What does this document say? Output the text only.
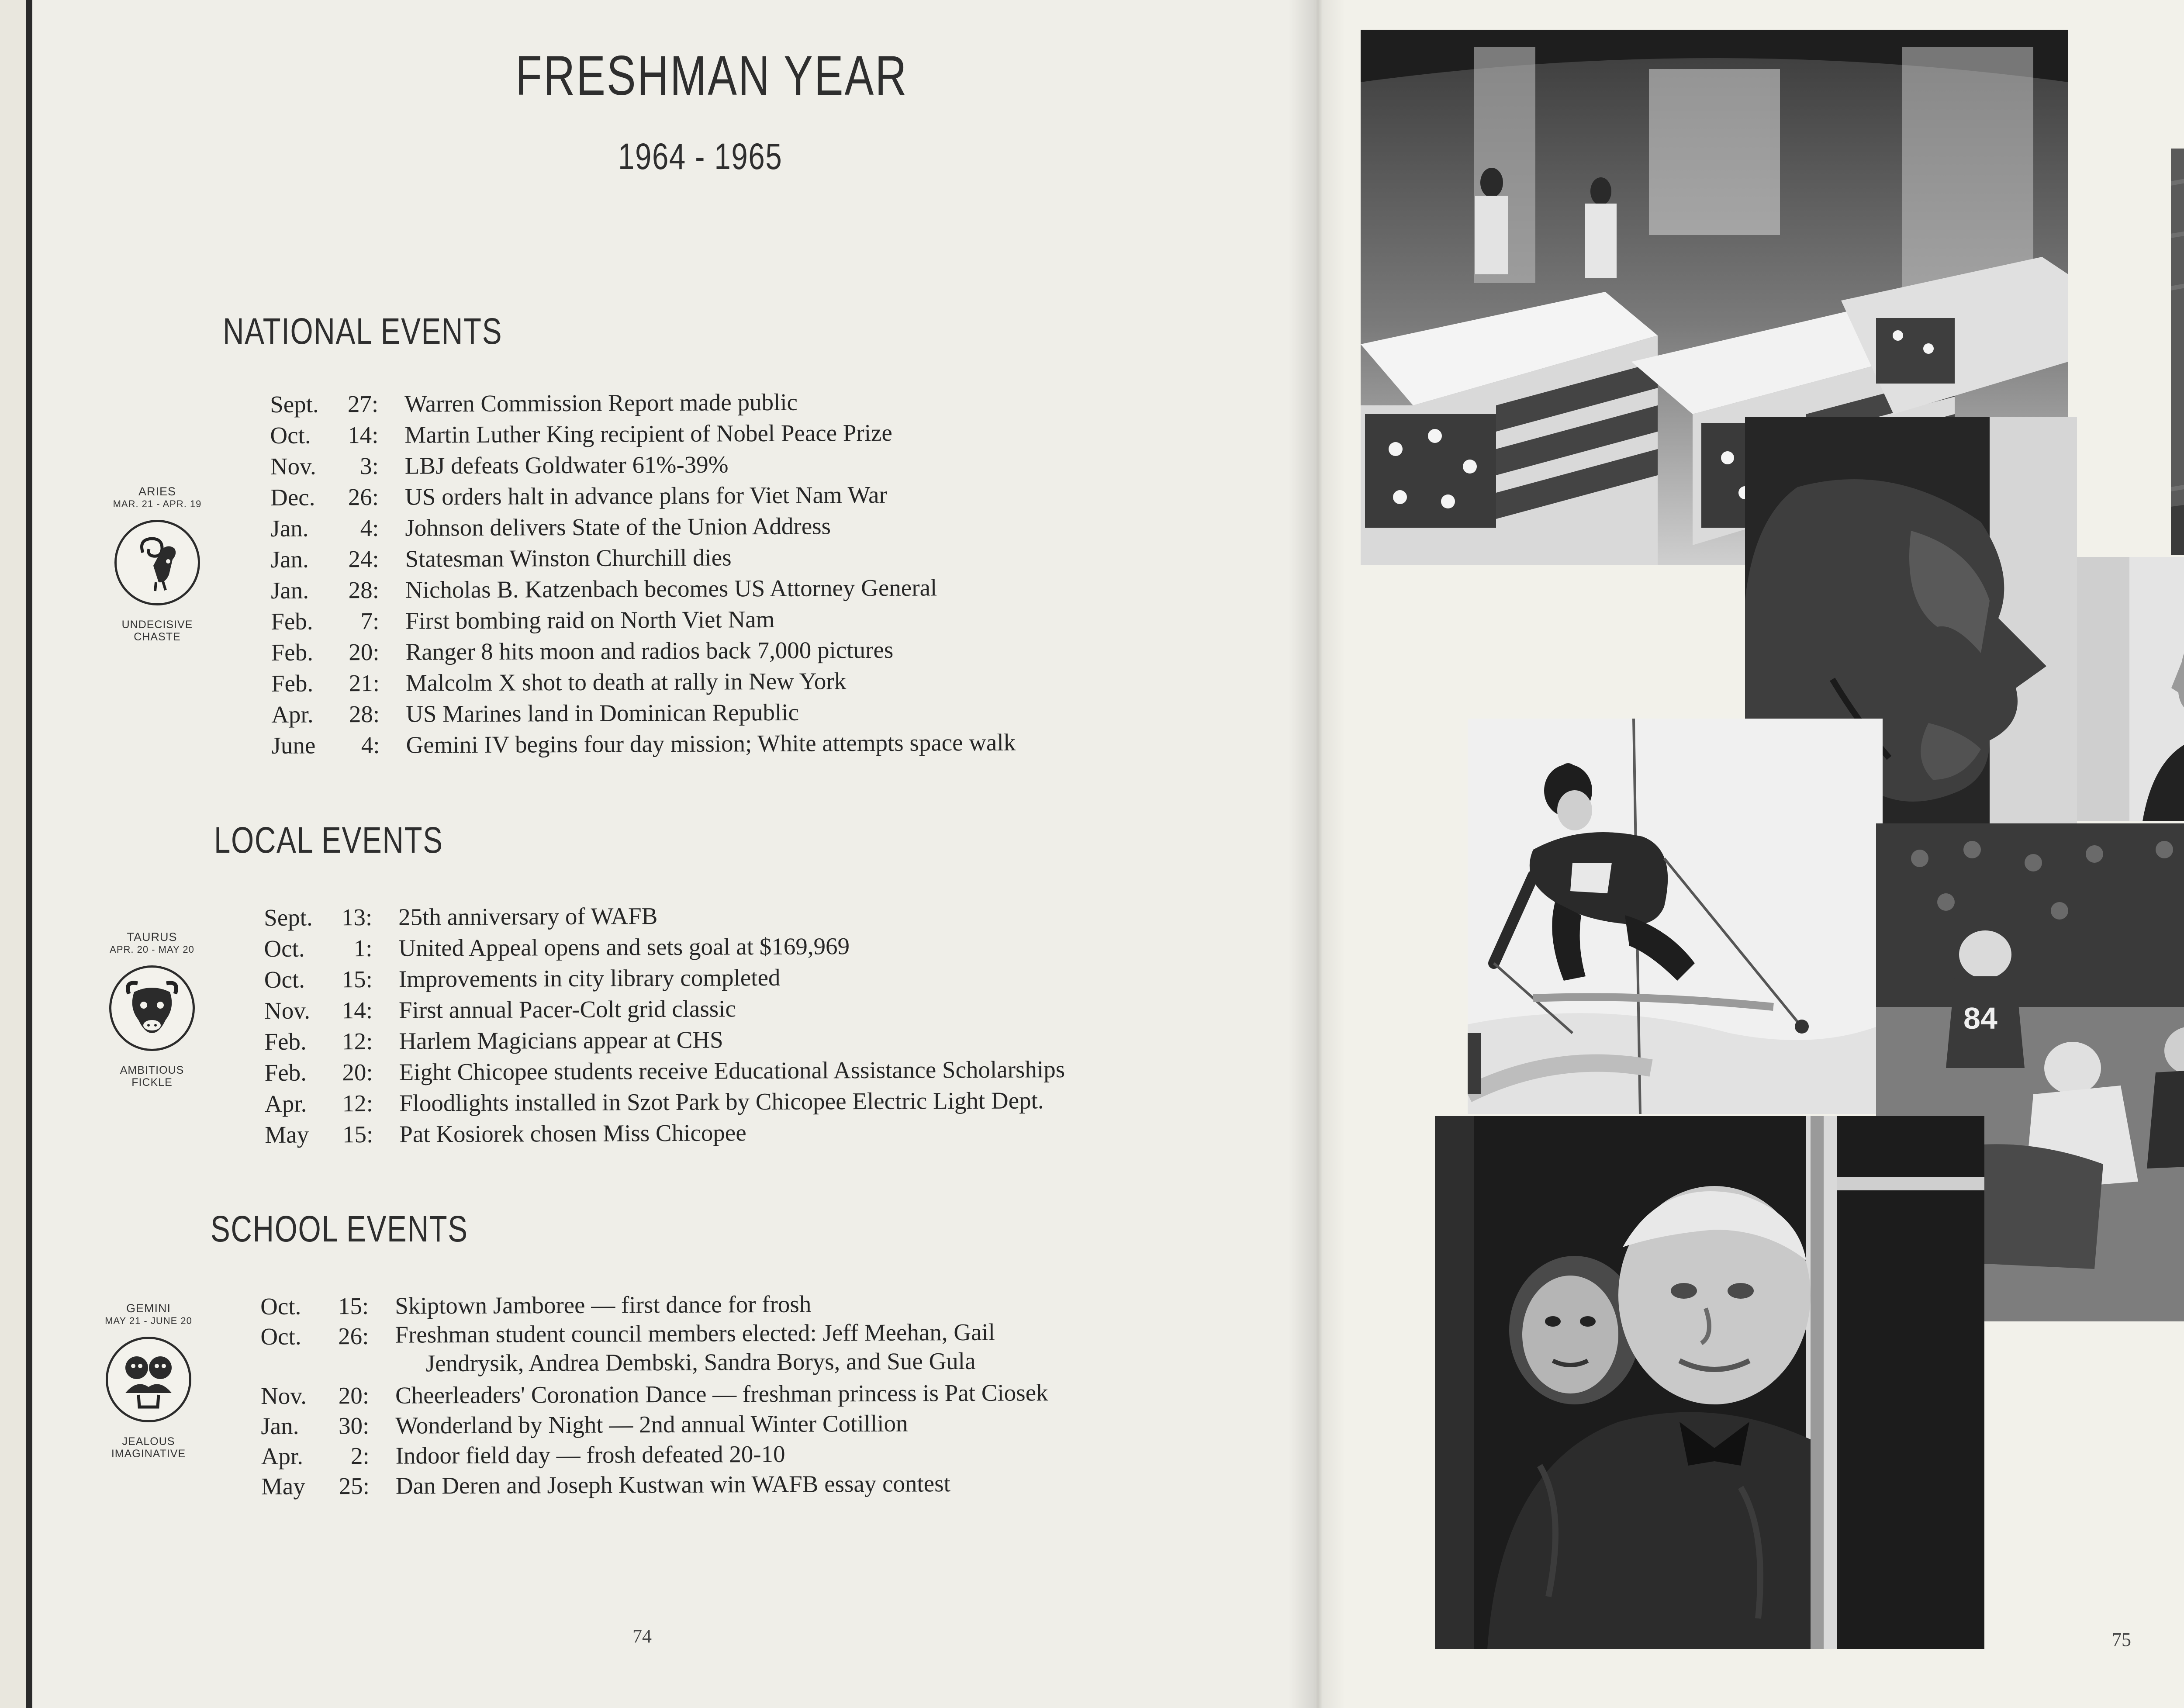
FRESHMAN YEAR
1964 - 1965
NATIONAL EVENTS
Sept. 27: Warren Commission Report made public
Oct. 14: Martin Luther King recipient of Nobel Peace Prize
Nov. 3: LBJ defeats Goldwater 61%-39%
Dec. 26: US orders halt in advance plans for Viet Nam War
Jan. 4: Johnson delivers State of the Union Address
Jan. 24: Statesman Winston Churchill dies
Jan. 28: Nicholas B. Katzenbach becomes US Attorney General
Feb. 7: First bombing raid on North Viet Nam
Feb. 20: Ranger 8 hits moon and radios back 7,000 pictures
Feb. 21: Malcolm X shot to death at rally in New York
Apr. 28: US Marines land in Dominican Republic
June 4: Gemini IV begins four day mission; White attempts space walk
LOCAL EVENTS
Sept. 13: 25th anniversary of WAFB
Oct. 1: United Appeal opens and sets goal at $169,969
Oct. 15: Improvements in city library completed
Nov. 14: First annual Pacer-Colt grid classic
Feb. 12: Harlem Magicians appear at CHS
Feb. 20: Eight Chicopee students receive Educational Assistance Scholarships
Apr. 12: Floodlights installed in Szot Park by Chicopee Electric Light Dept.
May 15: Pat Kosiorek chosen Miss Chicopee
SCHOOL EVENTS
Oct. 15: Skiptown Jamboree — first dance for frosh
Oct. 26: Freshman student council members elected: Jeff Meehan, Gail
Jendrysik, Andrea Dembski, Sandra Borys, and Sue Gula
Nov. 20: Cheerleaders' Coronation Dance — freshman princess is Pat Ciosek
Jan. 30: Wonderland by Night — 2nd annual Winter Cotillion
Apr. 2: Indoor field day — frosh defeated 20-10
May 25: Dan Deren and Joseph Kustwan win WAFB essay contest
ARIES
MAR. 21 - APR. 19
UNDECISIVE
CHASTE
TAURUS
APR. 20 - MAY 20
AMBITIOUS
FICKLE
GEMINI
MAY 21 - JUNE 20
JEALOUS
IMAGINATIVE
74
84
75
